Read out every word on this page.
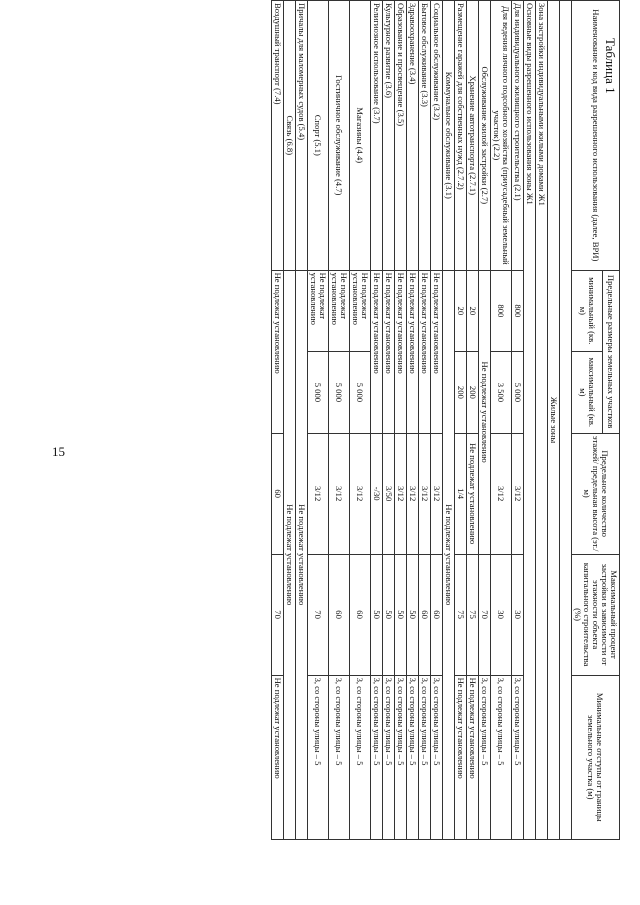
15
Таблица 1
Наименование и код вида разрешенного использования (далее, ВРИ)	Предельные размеры земельных участков		Предельное количество этажей/ предельная высота (эт./м)	Максимальный процент застройки в зависимости от этажности объекта капитального строительства (%)	Минимальные отступы от границы земельного участка (м)
	минимальный (кв. м)	максимальный (кв. м)			

Жилые зоны					
Зона застройки индивидуальными жилыми домами Ж1					
Основные виды разрешенного использования зоны Ж1					
Для индивидуального жилищного строительства (2.1)	800	5 000	3/12	30	3, со стороны улицы – 5
Для ведения личного подсобного хозяйства (приусадебный земельный участок) (2.2)	800	3 500	3/12	30	3, со стороны улицы – 5
Обслуживание жилой застройки (2.7)	Не подлежат установлению			70	3, со стороны улицы – 5
Хранение автотранспорта (2.7.1)	20	200	Не подлежат установлению	75	Не подлежат установлению
Размещение гаражей для собственных нужд (2.7.2)	20	200	1/4	75	Не подлежат установлению
Коммунальное обслуживание (3.1)	Не подлежат установлению				
Социальное обслуживание (3.2)	Не подлежат установлению		3/12	60	3, со стороны улицы – 5
Бытовое обслуживание (3.3)	Не подлежат установлению		3/12	60	3, со стороны улицы – 5
Здравоохранение (3.4)	Не подлежат установлению		3/12	50	3, со стороны улицы – 5
Образование и просвещение (3.5)	Не подлежат установлению		3/12	50	3, со стороны улицы – 5
Культурное развитие (3.6)	Не подлежат установлению		3/50	50	3, со стороны улицы – 5
Религиозное использование (3.7)	Не подлежат установлению		-/30	50	3, со стороны улицы – 5
Магазины (4.4)	Не подлежат установлению	5 000	3/12	60	3, со стороны улицы – 5
Гостиничное обслуживание (4.7)	Не подлежат установлению	5 000	3/12	60	3, со стороны улицы – 5
Спорт (5.1)	Не подлежат установлению	5 000	3/12	70	3, со стороны улицы – 5
Причалы для маломерных судов (5.4)	Не подлежат установлению				
Связь (6.8)	Не подлежат установлению				
Воздушный транспорт (7.4)	Не подлежат установлению		60	70	Не подлежат установлению
